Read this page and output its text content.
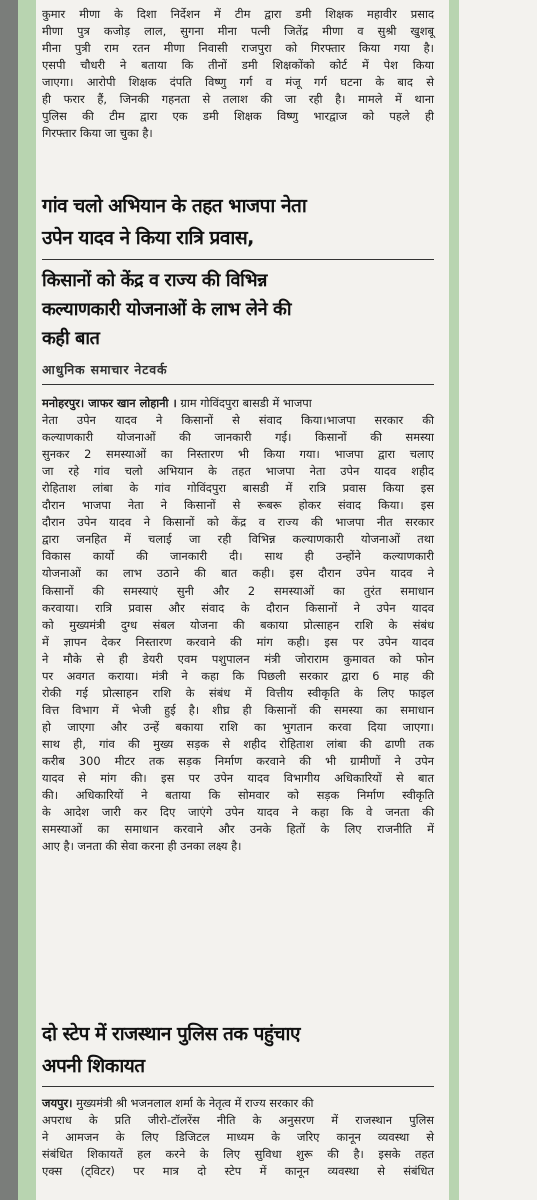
कुमार मीणा के दिशा निर्देशन में टीम द्वारा डमी शिक्षक महावीर प्रसाद
मीणा पुत्र कजोड़ लाल, सुगना मीना पत्नी जितेंद्र मीणा व सुश्री खुशबू
मीना पुत्री राम रतन मीणा निवासी राजपुरा को गिरफ्तार किया गया है।
एसपी चौधरी ने बताया कि तीनों डमी शिक्षकोंको कोर्ट में पेश किया
जाएगा। आरोपी शिक्षक दंपति विष्णु गर्ग व मंजू गर्ग घटना के बाद से
ही फरार हैं, जिनकी गहनता से तलाश की जा रही है। मामले में थाना
पुलिस की टीम द्वारा एक डमी शिक्षक विष्णु भारद्वाज को पहले ही
गिरफ्तार किया जा चुका है।
गांव चलो अभियान के तहत भाजपा नेता
उपेन यादव ने किया रात्रि प्रवास,
किसानों को केंद्र व राज्य की विभिन्न
कल्याणकारी योजनाओं के लाभ लेने की
कही बात
आधुनिक समाचार नेटवर्क

मनोहरपुर। जाफर खान लोहानी । ग्राम गोविंदपुरा बासडी में भाजपा

नेता उपेन यादव ने किसानों से संवाद किया।भाजपा सरकार की
कल्याणकारी योजनाओं की जानकारी गई। किसानों की समस्या
सुनकर 2 समस्याओं का निस्तारण भी किया गया। भाजपा द्वारा चलाए
जा रहे गांव चलो अभियान के तहत भाजपा नेता उपेन यादव शहीद
रोहिताश लांबा के गांव गोविंदपुरा बासडी में रात्रि प्रवास किया इस
दौरान भाजपा नेता ने किसानों से रूबरू होकर संवाद किया। इस
दौरान उपेन यादव ने किसानों को केंद्र व राज्य की भाजपा नीत सरकार
द्वारा जनहित में चलाई जा रही विभिन्न कल्याणकारी योजनाओं तथा
विकास कार्यो की जानकारी दी। साथ ही उन्होंने कल्याणकारी
योजनाओं का लाभ उठाने की बात कही। इस दौरान उपेन यादव ने
किसानों की समस्याएं सुनी और 2 समस्याओं का तुरंत समाधान
करवाया। रात्रि प्रवास और संवाद के दौरान किसानों ने उपेन यादव
को मुख्यमंत्री दुग्ध संबल योजना की बकाया प्रोत्साहन राशि के संबंध
में ज्ञापन देकर निस्तारण करवाने की मांग कही। इस पर उपेन यादव
ने मौके से ही डेयरी एवम पशुपालन मंत्री जोराराम कुमावत को फोन
पर अवगत कराया। मंत्री ने कहा कि पिछली सरकार द्वारा 6 माह की
रोकी गई प्रोत्साहन राशि के संबंध में वित्तीय स्वीकृति के लिए फाइल
वित्त विभाग में भेजी हुई है। शीघ्र ही किसानों की समस्या का समाधान
हो जाएगा और उन्हें बकाया राशि का भुगतान करवा दिया जाएगा।
साथ ही, गांव की मुख्य सड़क से शहीद रोहिताश लांबा की ढाणी तक
करीब 300 मीटर तक सड़क निर्माण करवाने की भी ग्रामीणों ने उपेन
यादव से मांग की। इस पर उपेन यादव विभागीय अधिकारियों से बात
की। अधिकारियों ने बताया कि सोमवार को सड़क निर्माण स्वीकृति
के आदेश जारी कर दिए जाएंगे उपेन यादव ने कहा कि वे जनता की
समस्याओं का समाधान करवाने और उनके हितों के लिए राजनीति में
आए है। जनता की सेवा करना ही उनका लक्ष्य है।
दो स्टेप में राजस्थान पुलिस तक पहुंचाए
अपनी शिकायत

जयपुर। मुख्यमंत्री श्री भजनलाल शर्मा के नेतृत्व में राज्य सरकार की

अपराध के प्रति जीरो-टॉलरेंस नीति के अनुसरण में राजस्थान पुलिस
ने आमजन के लिए डिजिटल माध्यम के जरिए कानून व्यवस्था से
संबंधित शिकायतें हल करने के लिए सुविधा शुरू की है। इसके तहत
एक्स (ट्विटर) पर मात्र दो स्टेप में कानून व्यवस्था से संबंधित
